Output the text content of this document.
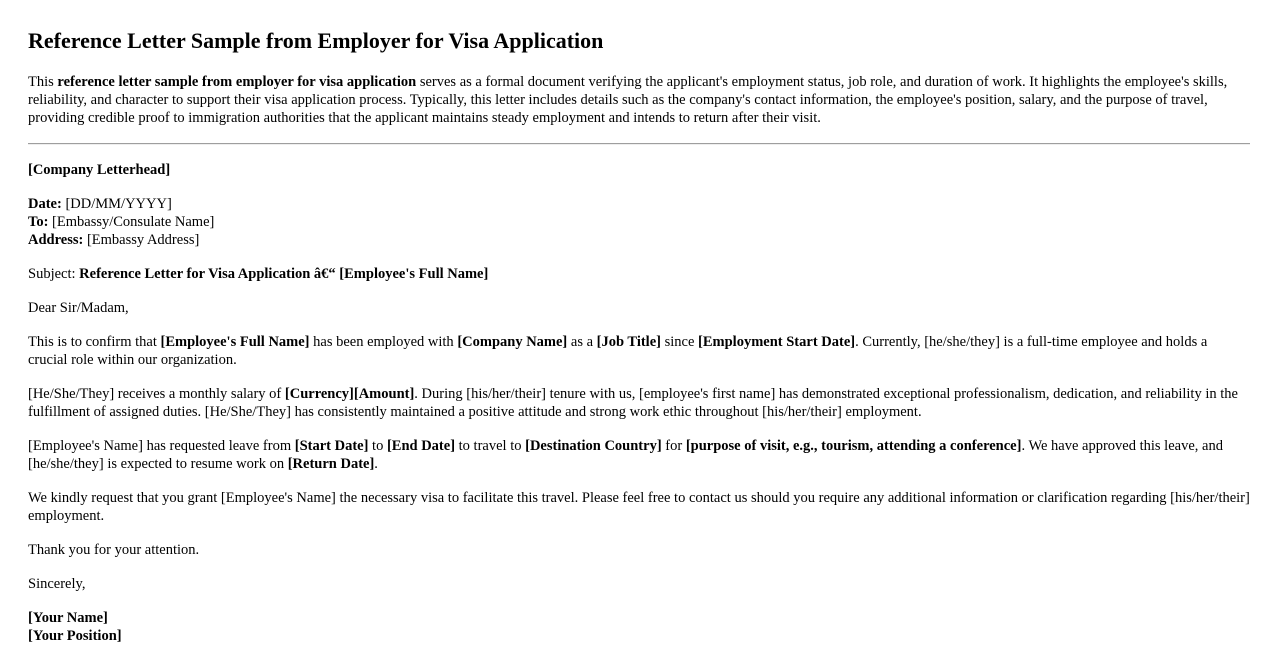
Reference Letter Sample from Employer for Visa Application

This reference letter sample from employer for visa application serves as a formal document verifying the applicant's employment status, job role, and duration of work. It highlights the employee's skills, reliability, and character to support their visa application process. Typically, this letter includes details such as the company's contact information, the employee's position, salary, and the purpose of travel, providing credible proof to immigration authorities that the applicant maintains steady employment and intends to return after their visit.

[Company Letterhead]

Date: [DD/MM/YYYY]
To: [Embassy/Consulate Name]
Address: [Embassy Address]

Subject: Reference Letter for Visa Application â€“ [Employee's Full Name]

Dear Sir/Madam,

This is to confirm that [Employee's Full Name] has been employed with [Company Name] as a [Job Title] since [Employment Start Date]. Currently, [he/she/they] is a full-time employee and holds a crucial role within our organization.

[He/She/They] receives a monthly salary of [Currency][Amount]. During [his/her/their] tenure with us, [employee's first name] has demonstrated exceptional professionalism, dedication, and reliability in the fulfillment of assigned duties. [He/She/They] has consistently maintained a positive attitude and strong work ethic throughout [his/her/their] employment.

[Employee's Name] has requested leave from [Start Date] to [End Date] to travel to [Destination Country] for [purpose of visit, e.g., tourism, attending a conference]. We have approved this leave, and [he/she/they] is expected to resume work on [Return Date].

We kindly request that you grant [Employee's Name] the necessary visa to facilitate this travel. Please feel free to contact us should you require any additional information or clarification regarding [his/her/their] employment.

Thank you for your attention.

Sincerely,

[Your Name]
[Your Position]
